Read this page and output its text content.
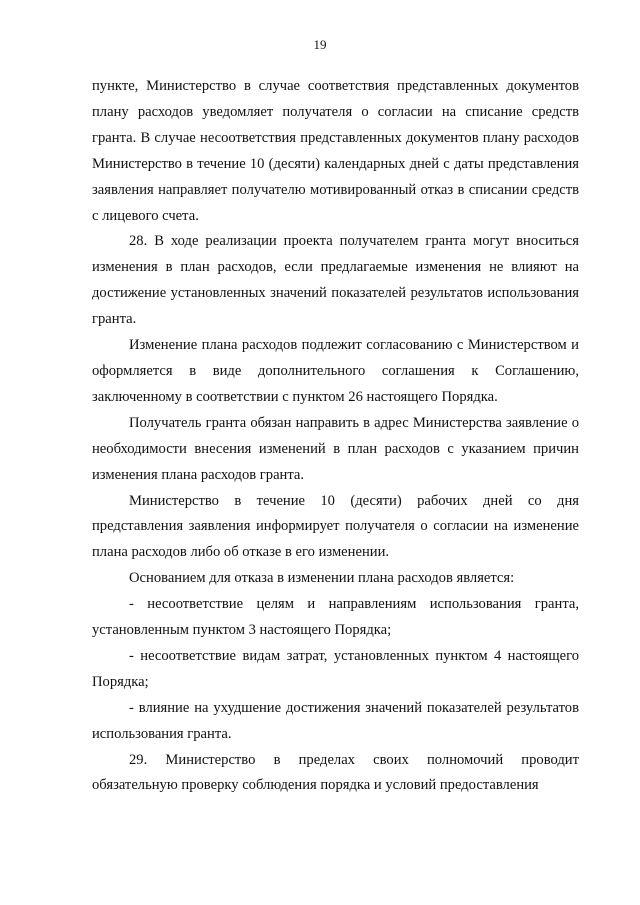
19

пункте, Министерство в случае соответствия представленных документов плану расходов уведомляет получателя о согласии на списание средств гранта. В случае несоответствия представленных документов плану расходов Министерство в течение 10 (десяти) календарных дней с даты представления заявления направляет получателю мотивированный отказ в списании средств с лицевого счета.

28. В ходе реализации проекта получателем гранта могут вноситься изменения в план расходов, если предлагаемые изменения не влияют на достижение установленных значений показателей результатов использования гранта.

Изменение плана расходов подлежит согласованию с Министерством и оформляется в виде дополнительного соглашения к Соглашению, заключенному в соответствии с пунктом 26 настоящего Порядка.

Получатель гранта обязан направить в адрес Министерства заявление о необходимости внесения изменений в план расходов с указанием причин изменения плана расходов гранта.

Министерство в течение 10 (десяти) рабочих дней со дня представления заявления информирует получателя о согласии на изменение плана расходов либо об отказе в его изменении.

Основанием для отказа в изменении плана расходов является:

- несоответствие целям и направлениям использования гранта, установленным пунктом 3 настоящего Порядка;

- несоответствие видам затрат, установленных пунктом 4 настоящего Порядка;

- влияние на ухудшение достижения значений показателей результатов использования гранта.

29. Министерство в пределах своих полномочий проводит обязательную проверку соблюдения порядка и условий предоставления
